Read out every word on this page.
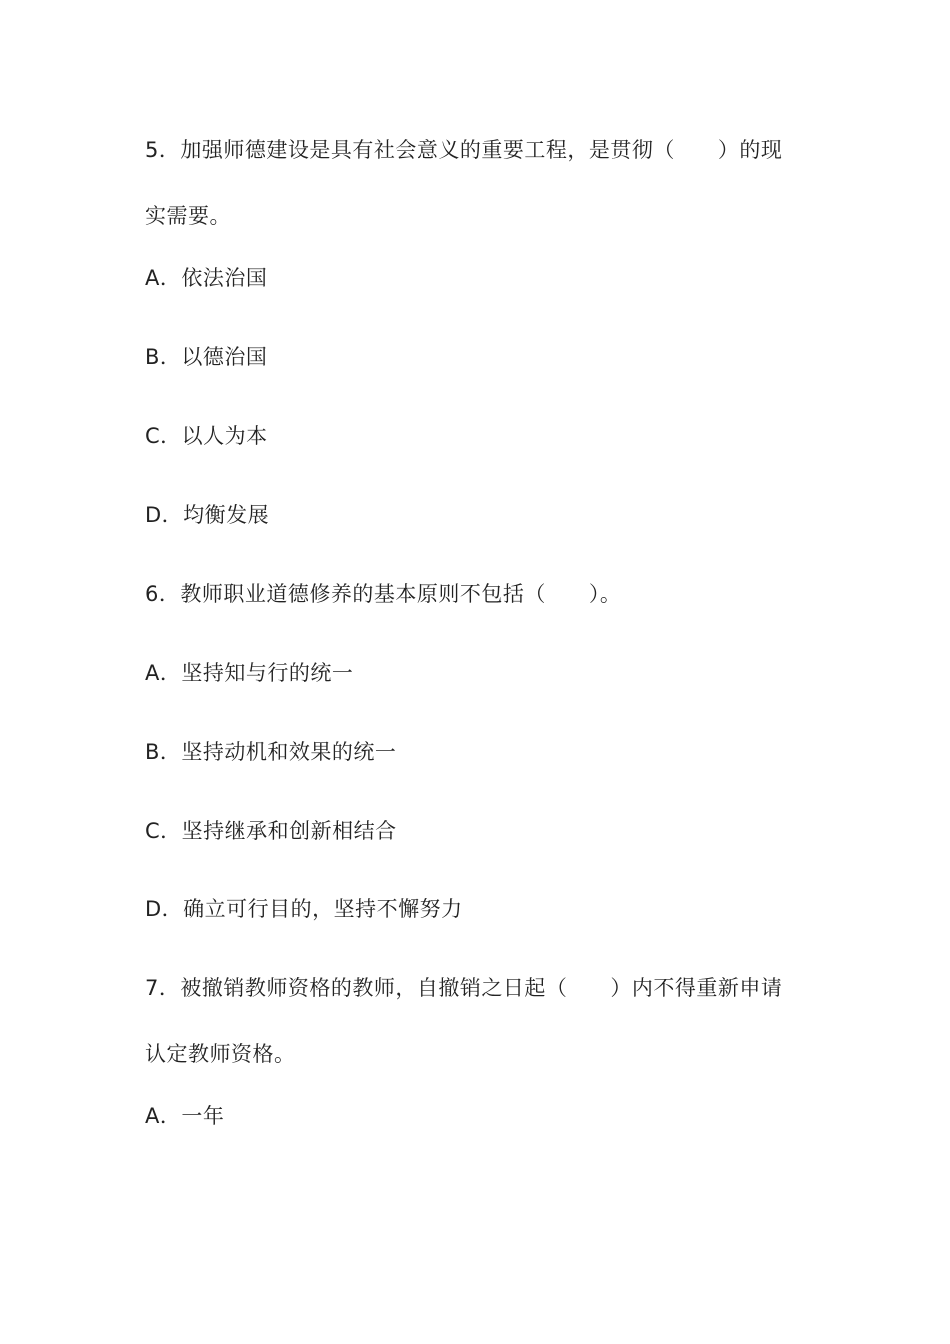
5．加强师德建设是具有社会意义的重要工程，是贯彻（　　）的现
实需要。
A．依法治国
B．以德治国
C．以人为本
D．均衡发展
6．教师职业道德修养的基本原则不包括（　　）。
A．坚持知与行的统一
B．坚持动机和效果的统一
C．坚持继承和创新相结合
D．确立可行目的，坚持不懈努力
7．被撤销教师资格的教师，自撤销之日起（　　）内不得重新申请
认定教师资格。
A．一年
